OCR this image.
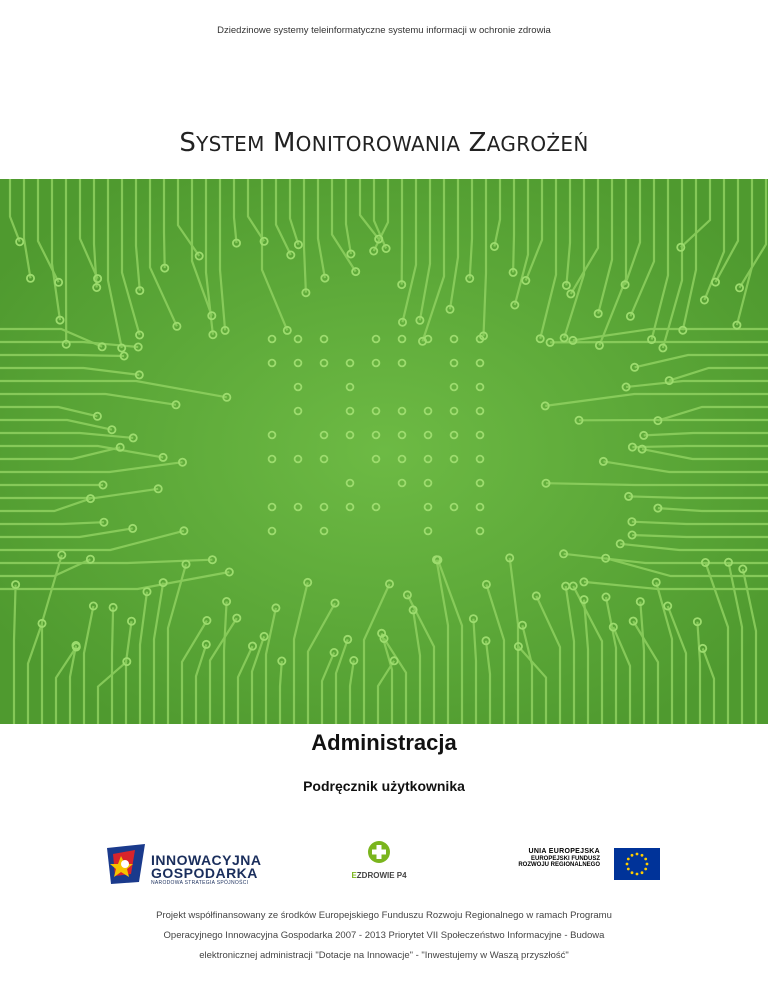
Dziedzinowe systemy teleinformatyczne systemu informacji w ochronie zdrowia
SYSTEM MONITOROWANIA ZAGROŻEŃ
Administracja
Podręcznik użytkownika
INNOWACYJNA
GOSPODARKA
NARODOWA STRATEGIA SPÓJNOŚCI
EZDROWIE P4
UNIA EUROPEJSKA
EUROPEJSKI FUNDUSZ
ROZWOJU REGIONALNEGO
Projekt współfinansowany ze środków Europejskiego Funduszu Rozwoju Regionalnego w ramach Programu
Operacyjnego Innowacyjna Gospodarka 2007 - 2013 Priorytet VII Społeczeństwo Informacyjne - Budowa
elektronicznej administracji "Dotacje na Innowacje" - "Inwestujemy w Waszą przyszłość"
